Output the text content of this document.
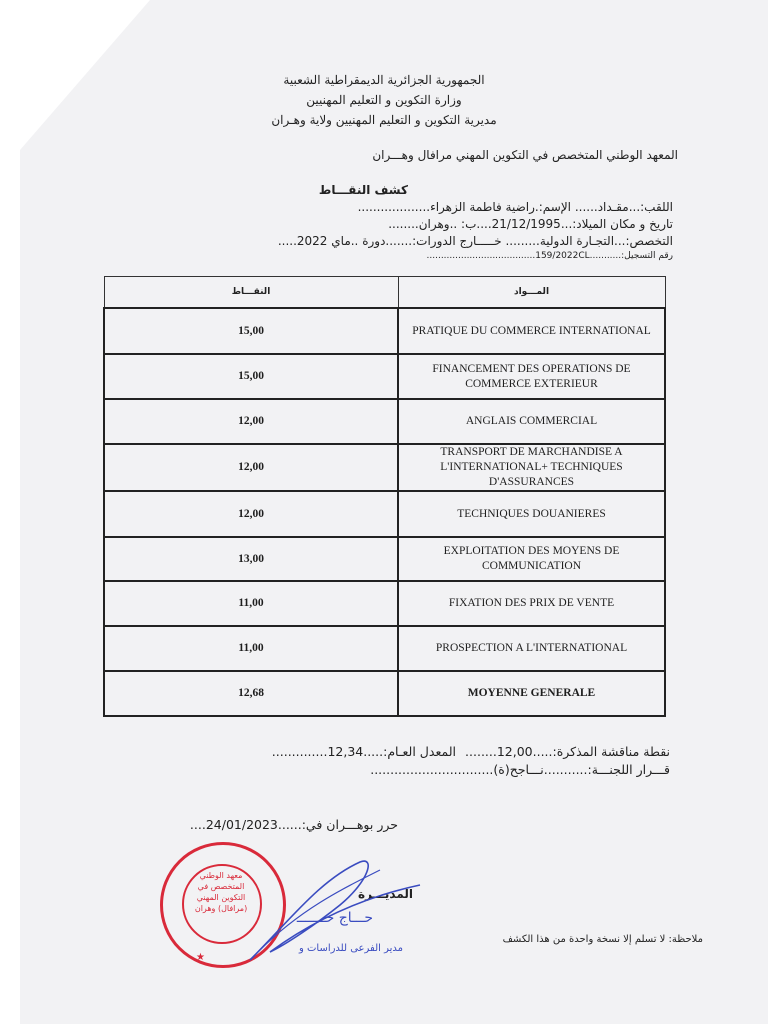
الجمهورية الجزائرية الديمقراطية الشعبية
وزارة التكوين و التعليم المهنيين
مديرية التكوين و التعليم المهنيين ولاية وهـران
المعهد الوطني المتخصص في التكوين المهني مرافال وهـــران
كشف النقـــاط
اللقب:...مقـداد...... الإسم:.راضية فاطمة الزهراء...................
تاريخ و مكان الميلاد:...21/12/1995....ب: ..وهران........
التخصص:...التجـارة الدولية......... خـــــارج الدورات:.......دورة ..ماي 2022.....
رقم التسجيل:...........159/2022CL......................................
النقـــاط	المـــواد
15,00	PRATIQUE DU COMMERCE INTERNATIONAL
15,00	FINANCEMENT DES OPERATIONS DE COMMERCE EXTERIEUR
12,00	ANGLAIS COMMERCIAL
12,00	TRANSPORT DE MARCHANDISE A L'INTERNATIONAL+ TECHNIQUES D'ASSURANCES
12,00	TECHNIQUES DOUANIERES
13,00	EXPLOITATION DES MOYENS DE COMMUNICATION
11,00	FIXATION DES PRIX DE VENTE
11,00	PROSPECTION A L'INTERNATIONAL
12,68	MOYENNE GENERALE
نقطة مناقشة المذكرة:.....12,00........
المعدل العـام:.....12,34..............
قـــرار اللجنـــة:...........نـــاجح(ة)...............................
حرر بوهـــران في:......24/01/2023....
المديـــرة
حـــاج حـــــــ
مدير الفرعى للدراسات و
ملاحظة: لا تسلم إلا نسخة واحدة من هذا الكشف
معهد الوطني المتخصص في التكوين المهني (مرافال) وهران
★
